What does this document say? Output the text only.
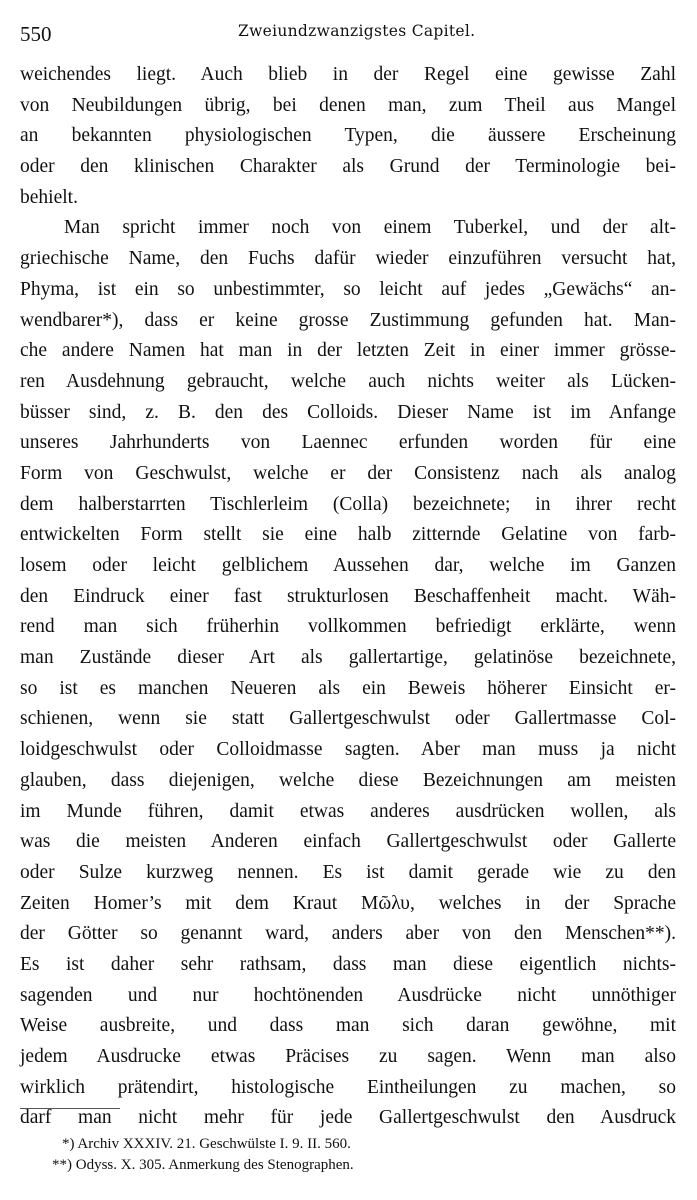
550	Zweiundzwanzigstes Capitel.
weichendes liegt. Auch blieb in der Regel eine gewisse Zahl
von Neubildungen übrig, bei denen man, zum Theil aus Mangel
an bekannten physiologischen Typen, die äussere Erscheinung
oder den klinischen Charakter als Grund der Terminologie bei-
behielt.
Man spricht immer noch von einem Tuberkel, und der alt-
griechische Name, den Fuchs dafür wieder einzuführen versucht hat,
Phyma, ist ein so unbestimmter, so leicht auf jedes „Gewächs“ an-
wendbarer*), dass er keine grosse Zustimmung gefunden hat. Man-
che andere Namen hat man in der letzten Zeit in einer immer grösse-
ren Ausdehnung gebraucht, welche auch nichts weiter als Lücken-
büsser sind, z. B. den des Colloids. Dieser Name ist im Anfange
unseres Jahrhunderts von Laennec erfunden worden für eine
Form von Geschwulst, welche er der Consistenz nach als analog
dem halberstarrten Tischlerleim (Colla) bezeichnete; in ihrer recht
entwickelten Form stellt sie eine halb zitternde Gelatine von farb-
losem oder leicht gelblichem Aussehen dar, welche im Ganzen
den Eindruck einer fast strukturlosen Beschaffenheit macht. Wäh-
rend man sich früherhin vollkommen befriedigt erklärte, wenn
man Zustände dieser Art als gallertartige, gelatinöse bezeichnete,
so ist es manchen Neueren als ein Beweis höherer Einsicht er-
schienen, wenn sie statt Gallertgeschwulst oder Gallertmasse Col-
loidgeschwulst oder Colloidmasse sagten. Aber man muss ja nicht
glauben, dass diejenigen, welche diese Bezeichnungen am meisten
im Munde führen, damit etwas anderes ausdrücken wollen, als
was die meisten Anderen einfach Gallertgeschwulst oder Gallerte
oder Sulze kurzweg nennen. Es ist damit gerade wie zu den
Zeiten Homer’s mit dem Kraut Μῶλυ, welches in der Sprache
der Götter so genannt ward, anders aber von den Menschen**).
Es ist daher sehr rathsam, dass man diese eigentlich nichts-
sagenden und nur hochtönenden Ausdrücke nicht unnöthiger
Weise ausbreite, und dass man sich daran gewöhne, mit
jedem Ausdrucke etwas Präcises zu sagen. Wenn man also
wirklich prätendirt, histologische Eintheilungen zu machen, so
darf man nicht mehr für jede Gallertgeschwulst den Ausdruck
*) Archiv XXXIV. 21. Geschwülste I. 9. II. 560.
**) Odyss. X. 305. Anmerkung des Stenographen.
